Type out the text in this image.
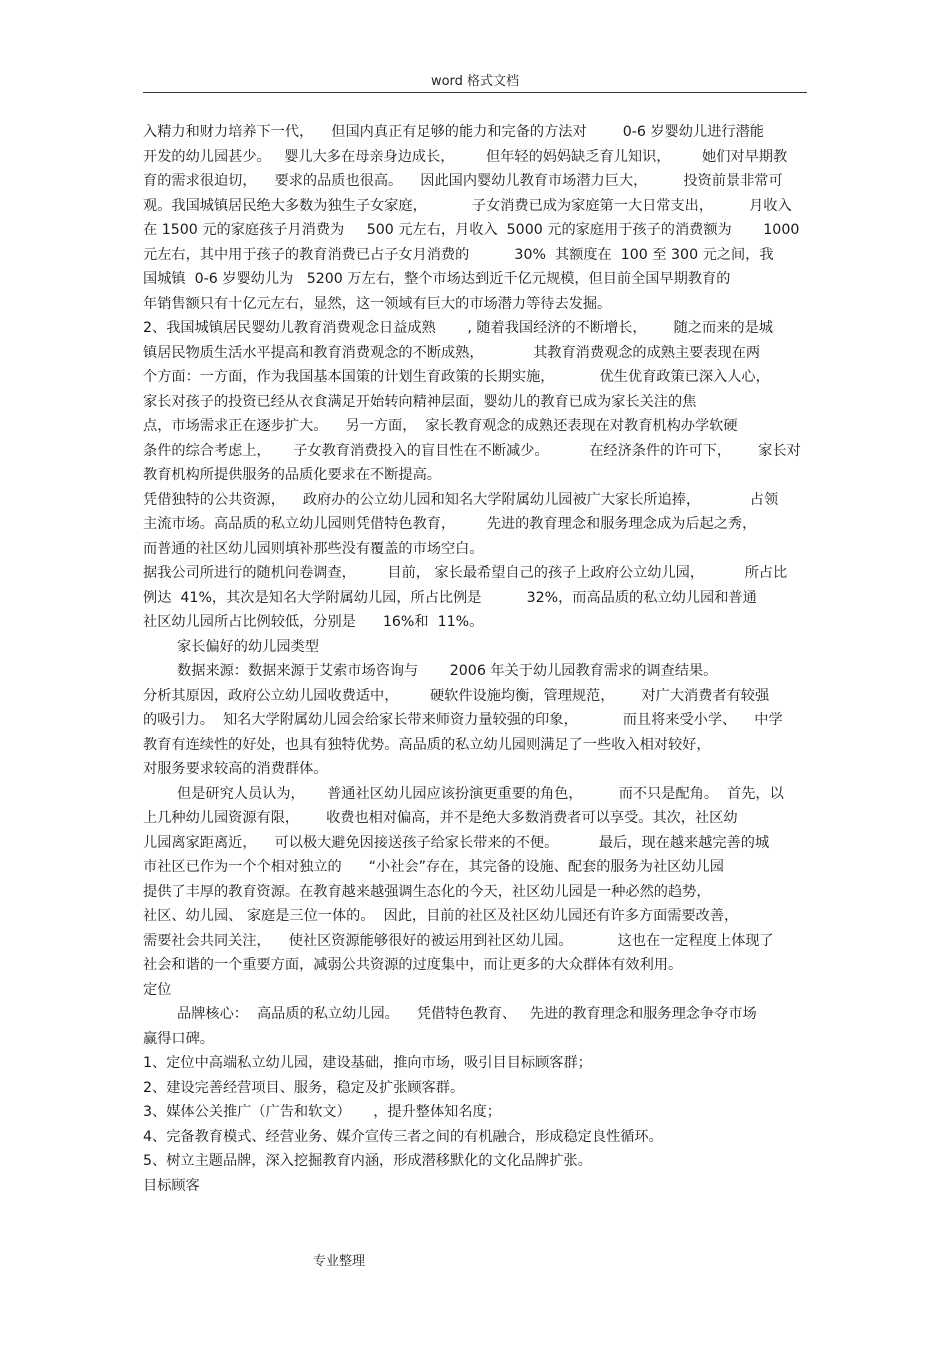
word 格式文档
入精力和财力培养下一代，    但国内真正有足够的能力和完备的方法对        0-6 岁婴幼儿进行潜能
开发的幼儿园甚少。   婴儿大多在母亲身边成长，       但年轻的妈妈缺乏育儿知识，       她们对早期教
育的需求很迫切，    要求的品质也很高。    因此国内婴幼儿教育市场潜力巨大，        投资前景非常可
观。我国城镇居民绝大多数为独生子女家庭，          子女消费已成为家庭第一大日常支出，        月收入
在 1500 元的家庭孩子月消费为     500 元左右，月收入  5000 元的家庭用于孩子的消费额为       1000
元左右，其中用于孩子的教育消费已占子女月消费的          30%  其额度在  100 至 300 元之间，我
国城镇  0-6 岁婴幼儿为   5200 万左右，整个市场达到近千亿元规模，但目前全国早期教育的
年销售额只有十亿元左右，显然，这一领域有巨大的市场潜力等待去发掘。
2、我国城镇居民婴幼儿教育消费观念日益成熟       , 随着我国经济的不断增长，      随之而来的是城
镇居民物质生活水平提高和教育消费观念的不断成熟，           其教育消费观念的成熟主要表现在两
个方面：一方面，作为我国基本国策的计划生育政策的长期实施，          优生优育政策已深入人心，
家长对孩子的投资已经从衣食满足开始转向精神层面，婴幼儿的教育已成为家长关注的焦
点，市场需求正在逐步扩大。    另一方面，  家长教育观念的成熟还表现在对教育机构办学软硬
条件的综合考虑上，     子女教育消费投入的盲目性在不断减少。         在经济条件的许可下，      家长对
教育机构所提供服务的品质化要求在不断提高。
凭借独特的公共资源，    政府办的公立幼儿园和知名大学附属幼儿园被广大家长所追捧，           占领
主流市场。高品质的私立幼儿园则凭借特色教育，       先进的教育理念和服务理念成为后起之秀，
而普通的社区幼儿园则填补那些没有覆盖的市场空白。
据我公司所进行的随机问卷调查，       目前， 家长最希望自己的孩子上政府公立幼儿园，         所占比
例达  41%，其次是知名大学附属幼儿园，所占比例是          32%，而高品质的私立幼儿园和普通
社区幼儿园所占比例较低，分别是      16%和  11%。
家长偏好的幼儿园类型
数据来源：数据来源于艾索市场咨询与       2006 年关于幼儿园教育需求的调查结果。
分析其原因，政府公立幼儿园收费适中，       硬软件设施均衡，管理规范，      对广大消费者有较强
的吸引力。  知名大学附属幼儿园会给家长带来师资力量较强的印象，          而且将来受小学、    中学
教育有连续性的好处，也具有独特优势。高品质的私立幼儿园则满足了一些收入相对较好，
对服务要求较高的消费群体。
但是研究人员认为，     普通社区幼儿园应该扮演更重要的角色，        而不只是配角。  首先，以
上几种幼儿园资源有限，      收费也相对偏高，并不是绝大多数消费者可以享受。其次，社区幼
儿园离家距离近，    可以极大避免因接送孩子给家长带来的不便。         最后，现在越来越完善的城
市社区已作为一个个相对独立的      “小社会”存在，其完备的设施、配套的服务为社区幼儿园
提供了丰厚的教育资源。在教育越来越强调生态化的今天，社区幼儿园是一种必然的趋势，
社区、幼儿园、 家庭是三位一体的。  因此，目前的社区及社区幼儿园还有许多方面需要改善，
需要社会共同关注，    使社区资源能够很好的被运用到社区幼儿园。          这也在一定程度上体现了
社会和谐的一个重要方面，减弱公共资源的过度集中，而让更多的大众群体有效利用。
定位
品牌核心：  高品质的私立幼儿园。    凭借特色教育、   先进的教育理念和服务理念争夺市场
赢得口碑。
1、定位中高端私立幼儿园，建设基础，推向市场，吸引目目标顾客群；
2、建设完善经营项目、服务，稳定及扩张顾客群。
3、媒体公关推广（广告和软文）     ，提升整体知名度；
4、完备教育模式、经营业务、媒介宣传三者之间的有机融合，形成稳定良性循环。
5、树立主题品牌，深入挖掘教育内涵，形成潜移默化的文化品牌扩张。
目标顾客
专业整理
